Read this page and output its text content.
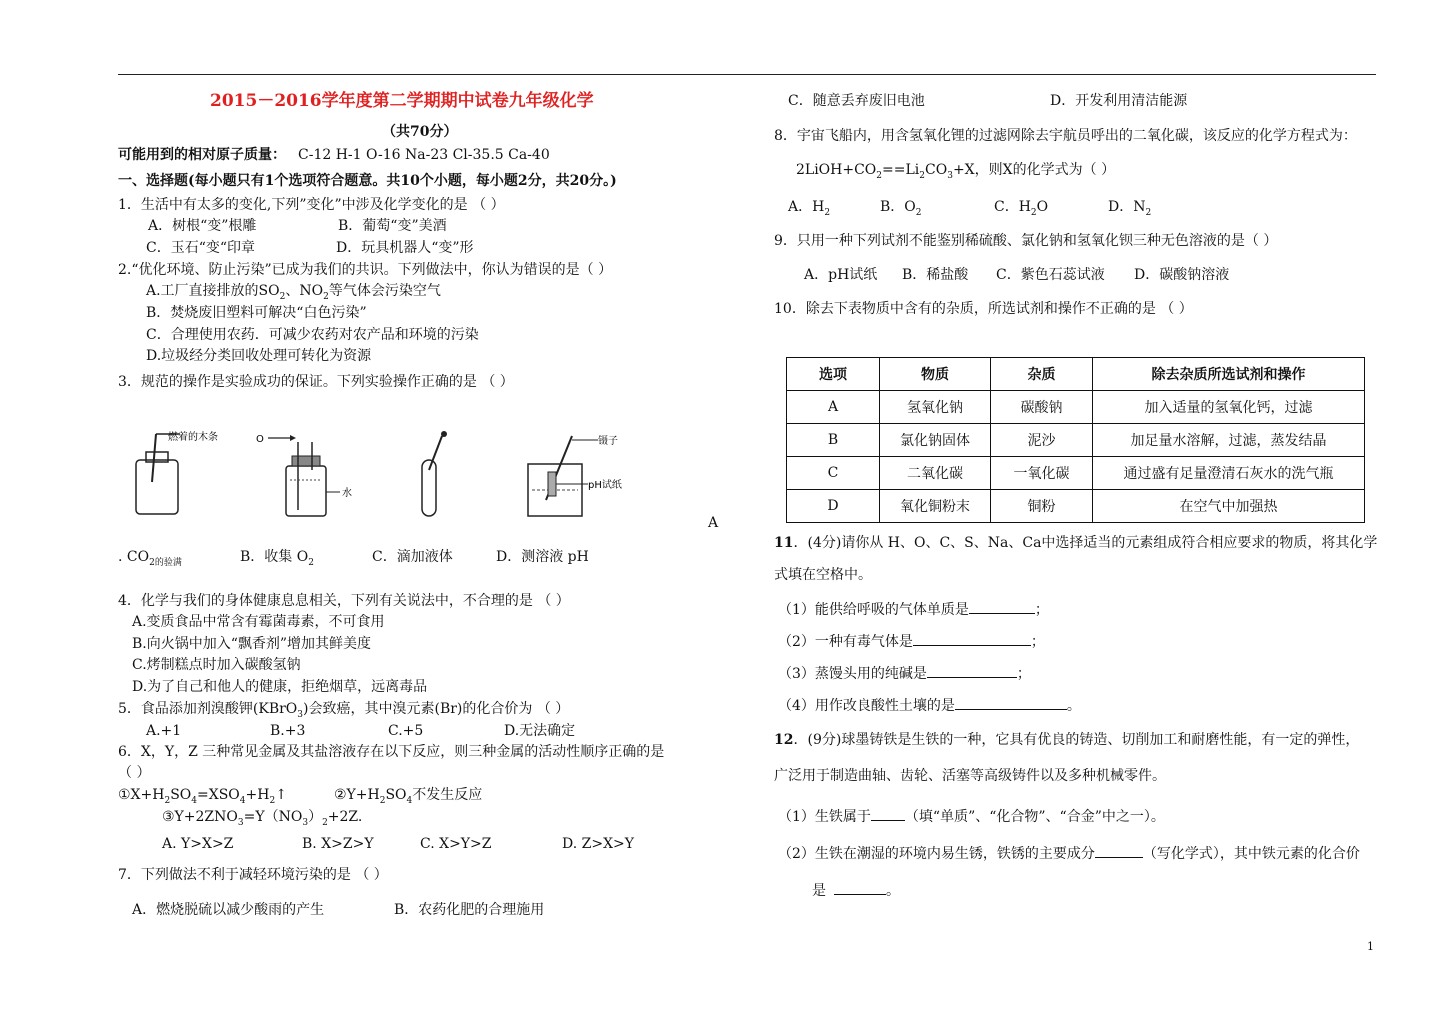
2015－2016学年度第二学期期中试卷九年级化学
（共70分）
可能用到的相对原子质量： C-12 H-1 O-16 Na-23 Cl-35.5 Ca-40
一、选择题(每小题只有1个选项符合题意。共10个小题，每小题2分，共20分。)
1．生活中有太多的变化,下列”变化”中涉及化学变化的是 （ ）
A．树根“变”根雕	B．葡萄“变”美酒
C．玉石“变“印章	D．玩具机器人“变”形
2.“优化环境、防止污染”已成为我们的共识。下列做法中，你认为错误的是（ ）
A.工厂直接排放的$SO_2$、$NO_2$等气体会污染空气
B．焚烧废旧塑料可解决“白色污染”
C．合理使用农药．可减少农药对农产品和环境的污染
D.垃圾经分类回收处理可转化为资源
3．规范的操作是实验成功的保证。下列实验操作正确的是 （ ）
燃着的木条	O
水
镊子
pH试纸
A
. $CO_{2的验满}$	B．收集 $O_2$	C．滴加液体	D．测溶液 pH
4．化学与我们的身体健康息息相关，下列有关说法中，不合理的是 （ ）
A.变质食品中常含有霉菌毒素，不可食用
B.向火锅中加入“飘香剂”增加其鲜美度
C.烤制糕点时加入碳酸氢钠
D.为了自己和他人的健康，拒绝烟草，远离毒品
5．食品添加剂溴酸钾(KBrO$_3$)会致癌，其中溴元素(Br)的化合价为 （ ）
A.+1	B.+3	C.+5	D.无法确定
6．X，Y，Z 三种常见金属及其盐溶液存在以下反应，则三种金属的活动性顺序正确的是
（ ）
$①X+H_2SO_4=XSO_4+H_2↑$	$②Y+H_2SO_4$不发生反应
$③Y+2ZNO_3=Y(NO_3)_2+2Z$.
A. Y>X>Z	B. X>Z>Y	C. X>Y>Z	D. Z>X>Y
7．下列做法不利于减轻环境污染的是 （ ）
A．燃烧脱硫以减少酸雨的产生	B．农药化肥的合理施用
C．随意丢弃废旧电池	D．开发利用清洁能源
8．宇宙飞船内，用含氢氧化锂的过滤网除去宇航员呼出的二氧化碳，该反应的化学方程式为：
$2LiOH+CO_2==Li_2CO_3+X$，则X的化学式为（ ）
A．$H_2$	B．$O_2$	C．$H_2O$	D．$N_2$
9．只用一种下列试剂不能鉴别稀硫酸、氯化钠和氢氧化钡三种无色溶液的是（ ）
A．pH试纸 B．稀盐酸 C．紫色石蕊试液 D．碳酸钠溶液
10．除去下表物质中含有的杂质，所选试剂和操作不正确的是 （ ）
选项	物质	杂质	除去杂质所选试剂和操作
A	氢氧化钠	碳酸钠	加入适量的氢氧化钙，过滤
B	氯化钠固体	泥沙	加足量水溶解，过滤，蒸发结晶
C	二氧化碳	一氧化碳	通过盛有足量澄清石灰水的洗气瓶
D	氧化铜粉末	铜粉	在空气中加强热
11．(4分)请你从 H、O、C、S、Na、Ca中选择适当的元素组成符合相应要求的物质，将其化学
式填在空格中。
（1）能供给呼吸的气体单质是	；
（2）一种有毒气体是	；
（3）蒸馒头用的纯碱是	；
（4）用作改良酸性土壤的是	。
12．(9分)球墨铸铁是生铁的一种，它具有优良的铸造、切削加工和耐磨性能，有一定的弹性，
广泛用于制造曲轴、齿轮、活塞等高级铸件以及多种机械零件。
（1）生铁属于 （填“单质”、“化合物”、“合金”中之一）。
（2）生铁在潮湿的环境内易生锈，铁锈的主要成分	（写化学式），其中铁元素的化合价
是	。
1
